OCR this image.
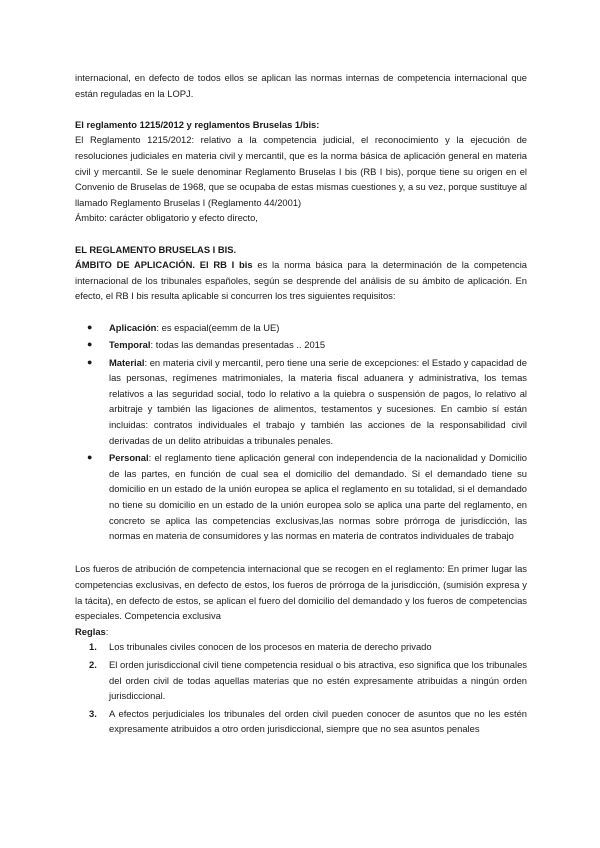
internacional, en defecto de todos ellos se aplican las normas internas de competencia internacional que están reguladas en la LOPJ.

El reglamento 1215/2012 y reglamentos Bruselas 1/bis:

El Reglamento 1215/2012: relativo a la competencia judicial, el reconocimiento y la ejecución de resoluciones judiciales en materia civil y mercantil, que es la norma básica de aplicación general en materia civil y mercantil. Se le suele denominar Reglamento Bruselas I bis (RB I bis), porque tiene su origen en el Convenio de Bruselas de 1968, que se ocupaba de estas mismas cuestiones y, a su vez, porque sustituye al llamado Reglamento Bruselas I (Reglamento 44/2001)

Ámbito: carácter obligatorio y efecto directo,

EL REGLAMENTO BRUSELAS I BIS.

ÁMBITO DE APLICACIÓN. El RB I bis es la norma básica para la determinación de la competencia internacional de los tribunales españoles, según se desprende del análisis de su ámbito de aplicación. En efecto, el RB I bis resulta aplicable si concurren los tres siguientes requisitos:

● Aplicación: es espacial(eemm de la UE)
● Temporal: todas las demandas presentadas .. 2015
● Material: en materia civil y mercantil, pero tiene una serie de excepciones: el Estado y capacidad de las personas, regímenes matrimoniales, la materia fiscal aduanera y administrativa, los temas relativos a las seguridad social, todo lo relativo a la quiebra o suspensión de pagos, lo relativo al arbitraje y también las ligaciones de alimentos, testamentos y sucesiones. En cambio sí están incluidas: contratos individuales el trabajo y también las acciones de la responsabilidad civil derivadas de un delito atribuidas a tribunales penales.
● Personal: el reglamento tiene aplicación general con independencia de la nacionalidad y Domicilio de las partes, en función de cual sea el domicilio del demandado. Si el demandado tiene su domicilio en un estado de la unión europea se aplica el reglamento en su totalidad, si el demandado no tiene su domicilio en un estado de la unión europea solo se aplica una parte del reglamento, en concreto se aplica las competencias exclusivas,las normas sobre prórroga de jurisdicción, las normas en materia de consumidores y las normas en materia de contratos individuales de trabajo

Los fueros de atribución de competencia internacional que se recogen en el reglamento: En primer lugar las competencias exclusivas, en defecto de estos, los fueros de prórroga de la jurisdicción, (sumisión expresa y la tácita), en defecto de estos, se aplican el fuero del domicilio del demandado y los fueros de competencias especiales. Competencia exclusiva

Reglas:

1. Los tribunales civiles conocen de los procesos en materia de derecho privado
2. El orden jurisdiccional civil tiene competencia residual o bis atractiva, eso significa que los tribunales del orden civil de todas aquellas materias que no estén expresamente atribuidas a ningún orden jurisdiccional.
3. A efectos perjudiciales los tribunales del orden civil pueden conocer de asuntos que no les estén expresamente atribuidos a otro orden jurisdiccional, siempre que no sea asuntos penales
